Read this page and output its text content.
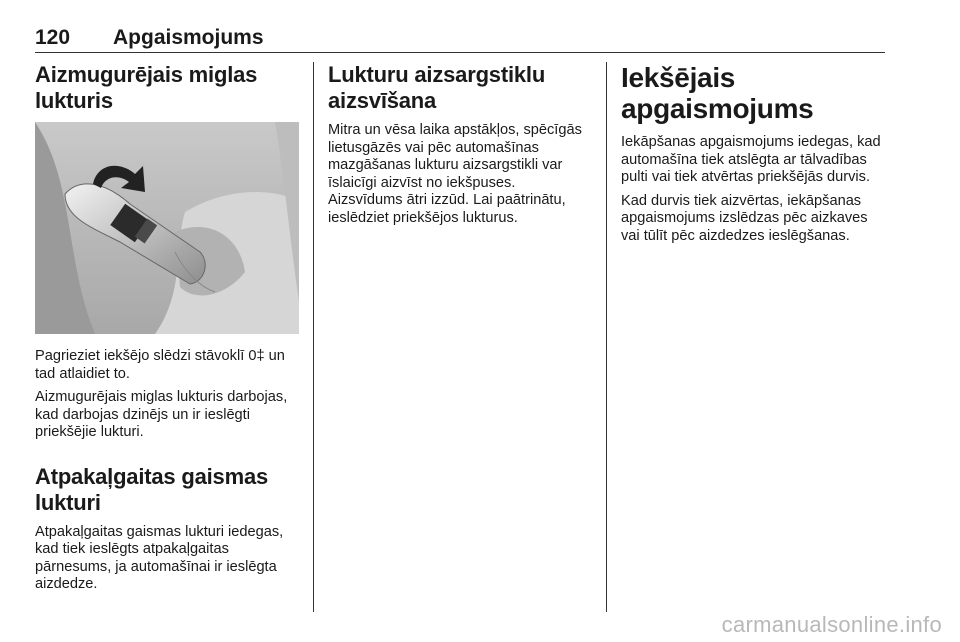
120 Apgaismojums
Aizmugurējais miglas lukturis

Pagrieziet iekšējo slēdzi stāvoklī 0‡ un tad atlaidiet to.

Aizmugurējais miglas lukturis darbojas, kad darbojas dzinējs un ir ieslēgti priekšējie lukturi.

Atpakaļgaitas gaismas lukturi

Atpakaļgaitas gaismas lukturi iedegas, kad tiek ieslēgts atpakaļgaitas pārnesums, ja automašīnai ir ieslēgta aizdedze.

Lukturu aizsargstiklu aizsvīšana

Mitra un vēsa laika apstākļos, spēcīgās lietusgāzēs vai pēc automašīnas mazgāšanas lukturu aizsargstikli var īslaicīgi aizvīst no iekšpuses. Aizsvīdums ātri izzūd. Lai paātrinātu, ieslēdziet priekšējos lukturus.

Iekšējais apgaismojums

Iekāpšanas apgaismojums iedegas, kad automašīna tiek atslēgta ar tālvadības pulti vai tiek atvērtas priekšējās durvis.

Kad durvis tiek aizvērtas, iekāpšanas apgaismojums izslēdzas pēc aizkaves vai tūlīt pēc aizdedzes ieslēgšanas.

carmanualsonline.info
